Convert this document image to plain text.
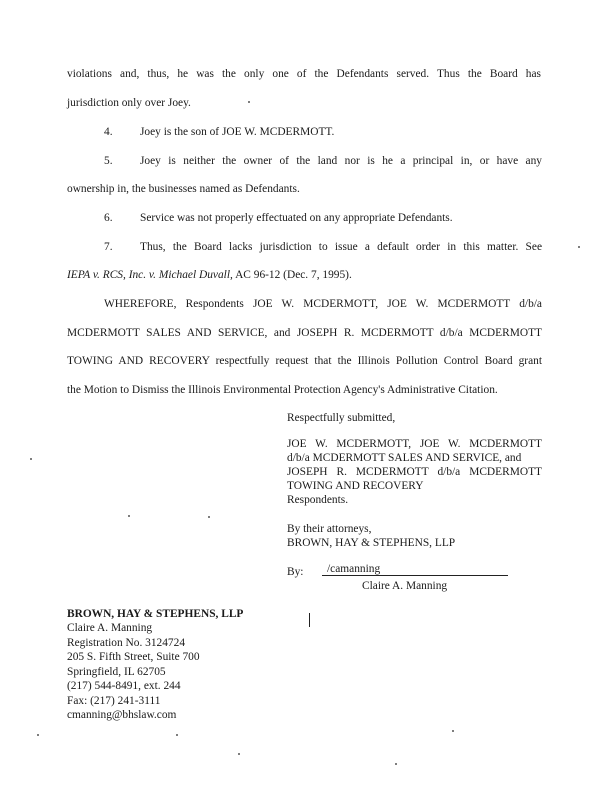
violations and, thus, he was the only one of the Defendants served. Thus the Board has
jurisdiction only over Joey.
4. Joey is the son of JOE W. MCDERMOTT.
5. Joey is neither the owner of the land nor is he a principal in, or have any
ownership in, the businesses named as Defendants.
6. Service was not properly effectuated on any appropriate Defendants.
7. Thus, the Board lacks jurisdiction to issue a default order in this matter. See
IEPA v. RCS, Inc. v. Michael Duvall, AC 96-12 (Dec. 7, 1995).
WHEREFORE, Respondents JOE W. MCDERMOTT, JOE W. MCDERMOTT d/b/a
MCDERMOTT SALES AND SERVICE, and JOSEPH R. MCDERMOTT d/b/a MCDERMOTT
TOWING AND RECOVERY respectfully request that the Illinois Pollution Control Board grant
the Motion to Dismiss the Illinois Environmental Protection Agency's Administrative Citation.
Respectfully submitted,
JOE W. MCDERMOTT, JOE W. MCDERMOTT
d/b/a MCDERMOTT SALES AND SERVICE, and
JOSEPH R. MCDERMOTT d/b/a MCDERMOTT
TOWING AND RECOVERY
Respondents.
By their attorneys,
BROWN, HAY & STEPHENS, LLP
By: /camanning
Claire A. Manning
BROWN, HAY & STEPHENS, LLP
Claire A. Manning
Registration No. 3124724
205 S. Fifth Street, Suite 700
Springfield, IL 62705
(217) 544-8491, ext. 244
Fax: (217) 241-3111
cmanning@bhslaw.com
